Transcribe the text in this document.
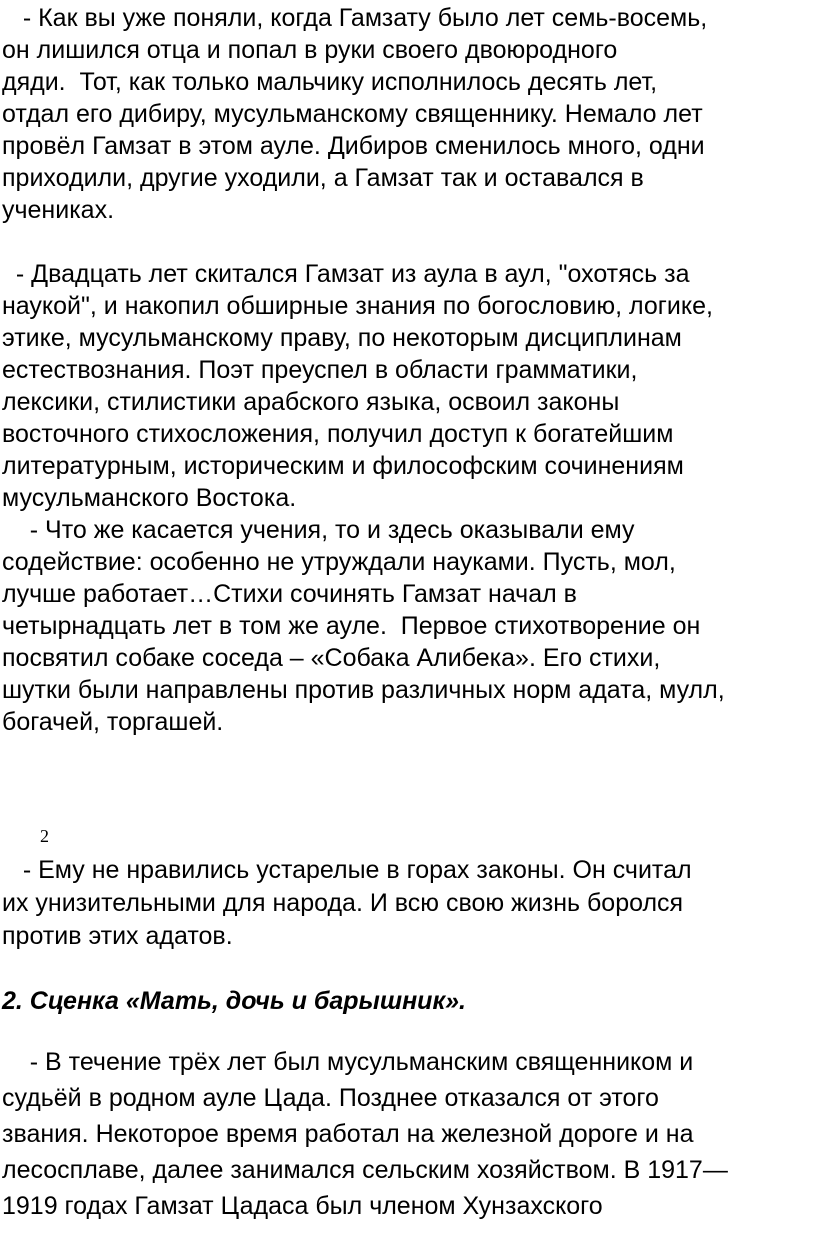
- Как вы уже поняли, когда Гамзату было лет семь-восемь,
он лишился отца и попал в руки своего двоюродного
дяди.  Тот, как только мальчику исполнилось десять лет,
отдал его дибиру, мусульманскому священнику. Немало лет
провёл Гамзат в этом ауле. Дибиров сменилось много, одни
приходили, другие уходили, а Гамзат так и оставался в
учениках.

- Двадцать лет скитался Гамзат из аула в аул, "охотясь за
наукой", и накопил обширные знания по богословию, логике,
этике, мусульманскому праву, по некоторым дисциплинам
естествознания. Поэт преуспел в области грамматики,
лексики, стилистики арабского языка, освоил законы
восточного стихосложения, получил доступ к богатейшим
литературным, историческим и философским сочинениям
мусульманского Востока.

- Что же касается учения, то и здесь оказывали ему
содействие: особенно не утруждали науками. Пусть, мол,
лучше работает…Стихи сочинять Гамзат начал в
четырнадцать лет в том же ауле.  Первое стихотворение он
посвятил собаке соседа – «Собака Алибека». Его стихи,
шутки были направлены против различных норм адата, мулл,
богачей, торгашей.

2

- Ему не нравились устарелые в горах законы. Он считал
их унизительными для народа. И всю свою жизнь боролся
против этих адатов.

2. Сценка «Мать, дочь и барышник».

- В течение трёх лет был мусульманским священником и
судьёй в родном ауле Цада. Позднее отказался от этого
звания. Некоторое время работал на железной дороге и на
лесосплаве, далее занимался сельским хозяйством. В 1917—
1919 годах Гамзат Цадаса был членом Хунзахского
